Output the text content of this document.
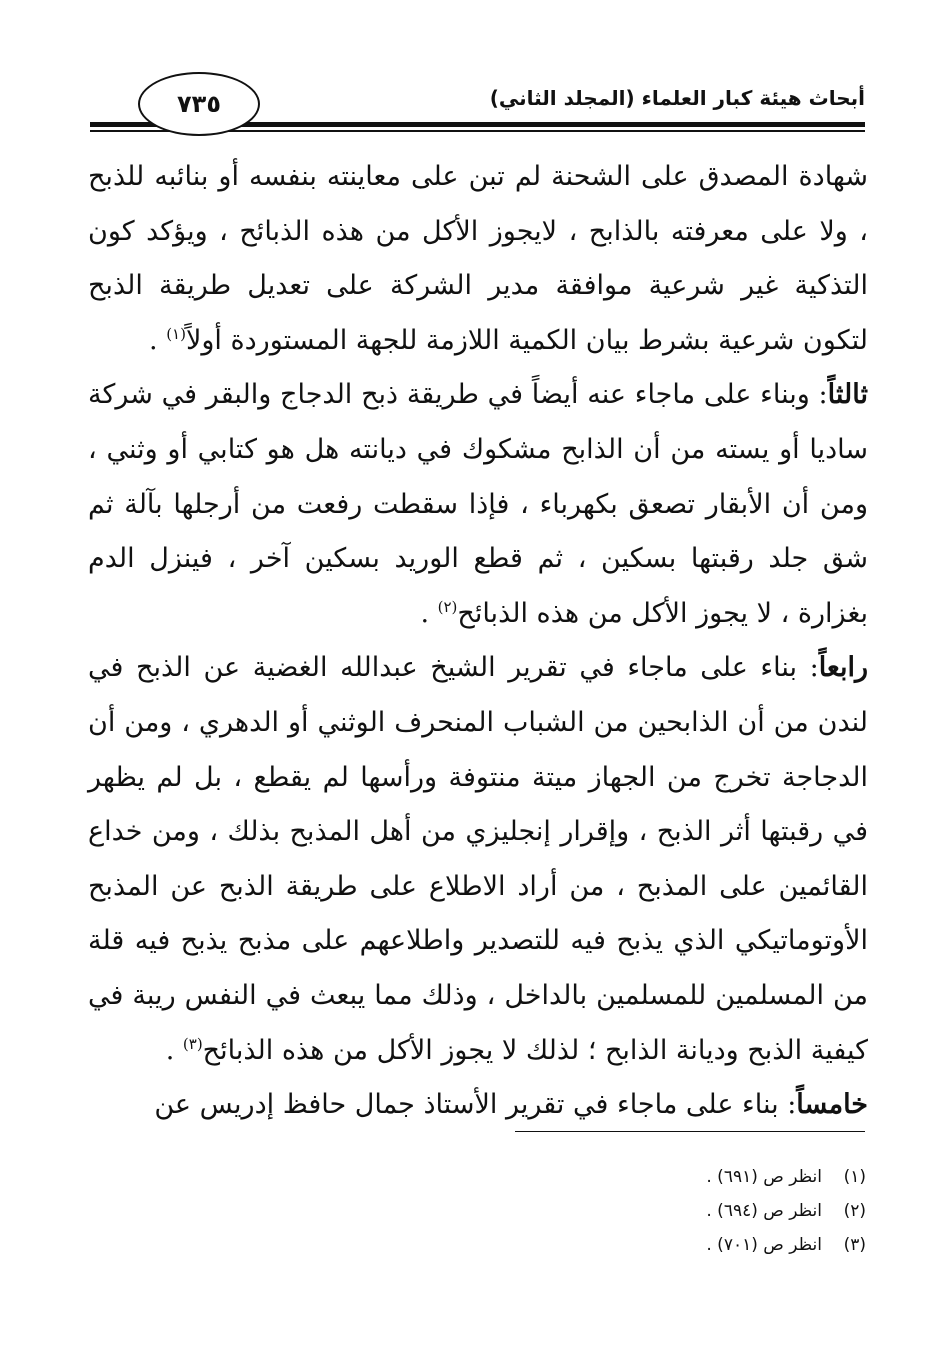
أبحاث هيئة كبار العلماء (المجلد الثاني)
٧٣٥

شهادة المصدق على الشحنة لم تبن على معاينته بنفسه أو بنائبه للذبح ، ولا على معرفته بالذابح ، لايجوز الأكل من هذه الذبائح ، ويؤكد كون التذكية غير شرعية موافقة مدير الشركة على تعديل طريقة الذبح لتكون شرعية بشرط بيان الكمية اللازمة للجهة المستوردة أولاً$^{(١)}$ .

ثالثاً: وبناء على ماجاء عنه أيضاً في طريقة ذبح الدجاج والبقر في شركة ساديا أو يسته من أن الذابح مشكوك في ديانته هل هو كتابي أو وثني ، ومن أن الأبقار تصعق بكهرباء ، فإذا سقطت رفعت من أرجلها بآلة ثم شق جلد رقبتها بسكين ، ثم قطع الوريد بسكين آخر ، فينزل الدم بغزارة ، لا يجوز الأكل من هذه الذبائح$^{(٢)}$ .

رابعاً: بناء على ماجاء في تقرير الشيخ عبدالله الغضية عن الذبح في لندن من أن الذابحين من الشباب المنحرف الوثني أو الدهري ، ومن أن الدجاجة تخرج من الجهاز ميتة منتوفة ورأسها لم يقطع ، بل لم يظهر في رقبتها أثر الذبح ، وإقرار إنجليزي من أهل المذبح بذلك ، ومن خداع القائمين على المذبح ، من أراد الاطلاع على طريقة الذبح عن المذبح الأوتوماتيكي الذي يذبح فيه للتصدير واطلاعهم على مذبح يذبح فيه قلة من المسلمين للمسلمين بالداخل ، وذلك مما يبعث في النفس ريبة في كيفية الذبح وديانة الذابح ؛ لذلك لا يجوز الأكل من هذه الذبائح$^{(٣)}$ .

خامساً: بناء على ماجاء في تقرير الأستاذ جمال حافظ إدريس عن

(١)انظر ص (٦٩١) .
(٢)انظر ص (٦٩٤) .
(٣)انظر ص (٧٠١) .
